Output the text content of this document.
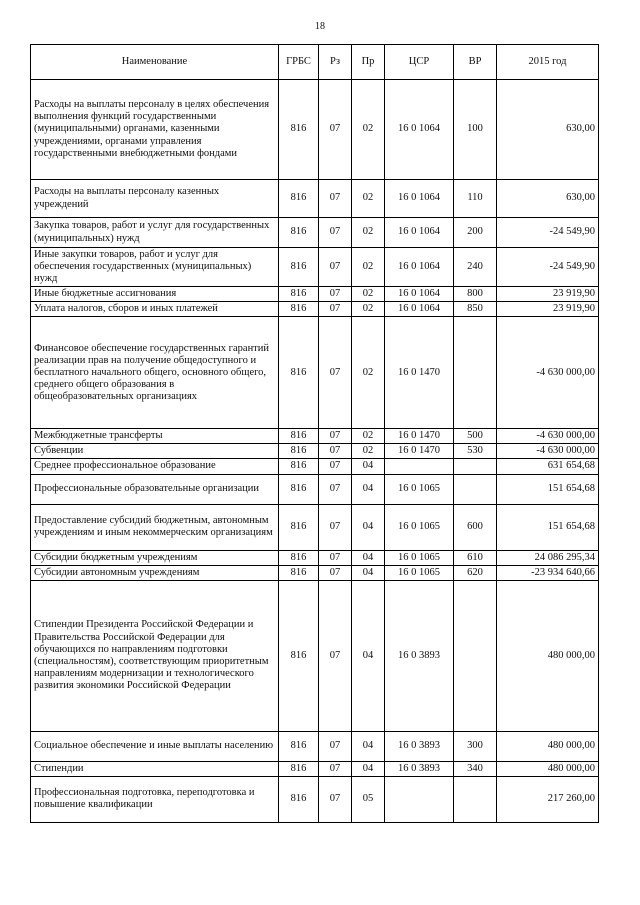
18
Наименование	ГРБС	Рз	Пр	ЦСР	ВР	2015 год
Расходы на выплаты персоналу в целях обеспечения выполнения функций государственными (муниципальными) органами, казенными учреждениями, органами управления государственными внебюджетными фондами	816	07	02	16 0 1064	100	630,00
Расходы на выплаты персоналу казенных учреждений	816	07	02	16 0 1064	110	630,00
Закупка товаров, работ и услуг для государственных (муниципальных) нужд	816	07	02	16 0 1064	200	-24 549,90
Иные закупки товаров, работ и услуг для обеспечения государственных (муниципальных) нужд	816	07	02	16 0 1064	240	-24 549,90
Иные бюджетные ассигнования	816	07	02	16 0 1064	800	23 919,90
Уплата налогов, сборов и иных платежей	816	07	02	16 0 1064	850	23 919,90
Финансовое обеспечение государственных гарантий реализации прав на получение общедоступного и бесплатного начального общего, основного общего, среднего общего образования в общеобразовательных организациях	816	07	02	16 0 1470		-4 630 000,00
Межбюджетные трансферты	816	07	02	16 0 1470	500	-4 630 000,00
Субвенции	816	07	02	16 0 1470	530	-4 630 000,00
Среднее профессиональное образование	816	07	04			631 654,68
Профессиональные образовательные организации	816	07	04	16 0 1065		151 654,68
Предоставление субсидий бюджетным, автономным учреждениям и иным некоммерческим организациям	816	07	04	16 0 1065	600	151 654,68
Субсидии бюджетным учреждениям	816	07	04	16 0 1065	610	24 086 295,34
Субсидии автономным учреждениям	816	07	04	16 0 1065	620	-23 934 640,66
Стипендии Президента Российской Федерации и Правительства Российской Федерации для обучающихся по направлениям подготовки (специальностям), соответствующим приоритетным направлениям модернизации и технологического развития экономики Российской Федерации	816	07	04	16 0 3893		480 000,00
Социальное обеспечение и иные выплаты населению	816	07	04	16 0 3893	300	480 000,00
Стипендии	816	07	04	16 0 3893	340	480 000,00
Профессиональная подготовка, переподготовка и повышение квалификации	816	07	05			217 260,00
